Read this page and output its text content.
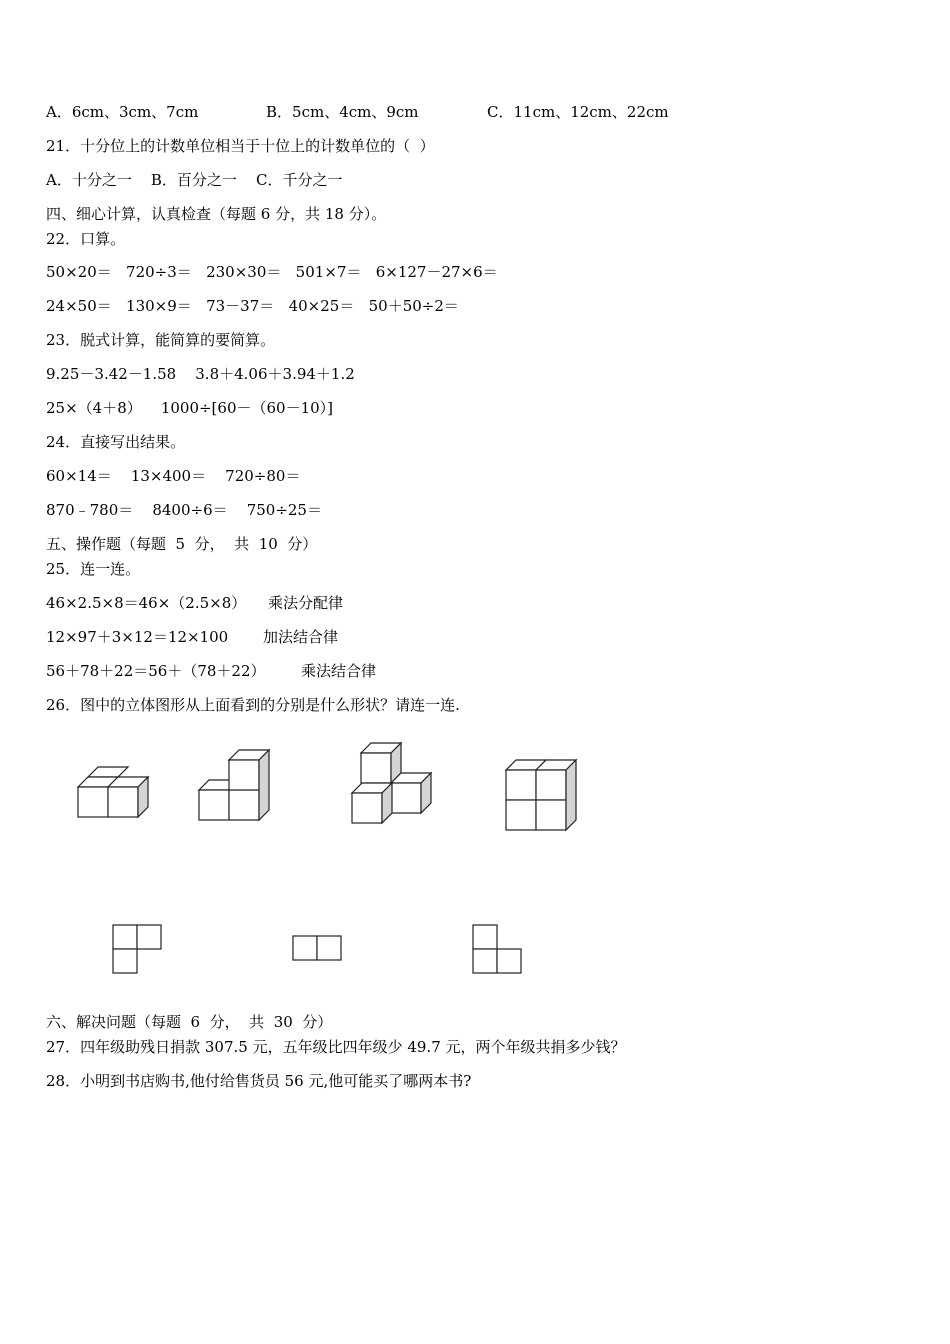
A．6cm、3cm、7cm	B．5cm、4cm、9cm	C．11cm、12cm、22cm
21．十分位上的计数单位相当于十位上的计数单位的（  ）
A．十分之一    B．百分之一    C．千分之一
四、细心计算，认真检查（每题 6 分，共 18 分）。
22．口算。
50×20＝   720÷3＝   230×30＝   501×7＝   6×127－27×6＝
24×50＝   130×9＝   73－37＝   40×25＝   50＋50÷2＝
23．脱式计算，能简算的要简算。
9.25－3.42－1.58    3.8＋4.06＋3.94＋1.2
25×（4＋8）    1000÷[60－（60－10）]
24．直接写出结果。
60×14＝    13×400＝    720÷80＝
870﹣780＝    8400÷6＝    750÷25＝
五、操作题（每题  5  分，  共  10  分）
25．连一连。
46×2.5×8＝46×（2.5×8） 乘法分配律
12×97＋3×12＝12×100 加法结合律
56＋78＋22＝56＋（78＋22） 乘法结合律
26．图中的立体图形从上面看到的分别是什么形状？请连一连.
六、解决问题（每题  6  分，  共  30  分）
27．四年级助残日捐款 307.5 元，五年级比四年级少 49.7 元，两个年级共捐多少钱？
28．小明到书店购书,他付给售货员 56 元,他可能买了哪两本书?
